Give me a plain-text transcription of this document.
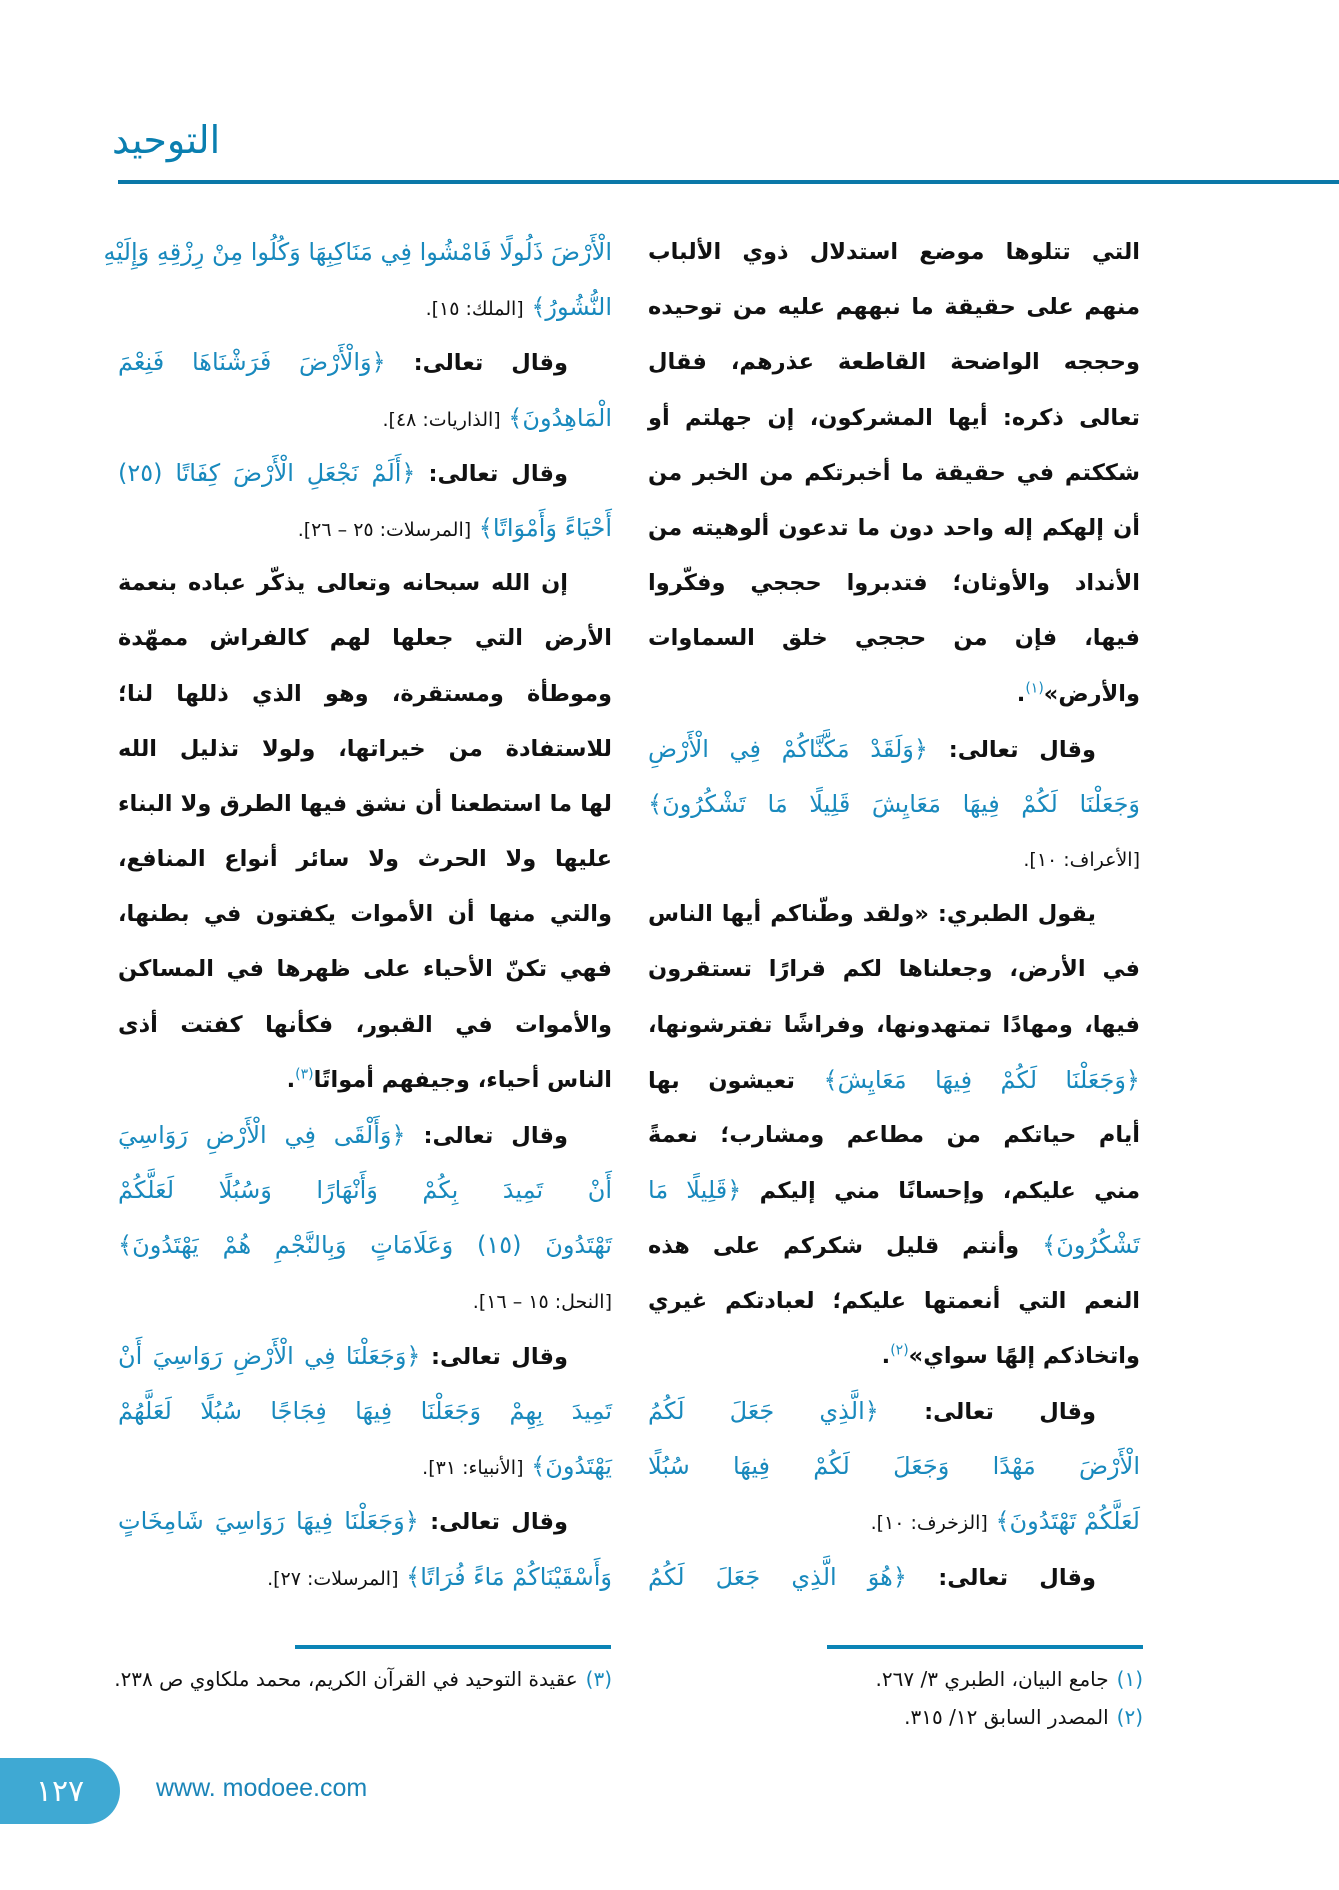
التوحيد
التي تتلوها موضع استدلال ذوي الألباب
منهم على حقيقة ما نبههم عليه من توحيده
وحججه الواضحة القاطعة عذرهم، فقال
تعالى ذكره: أيها المشركون، إن جهلتم أو
شككتم في حقيقة ما أخبرتكم من الخبر من
أن إلهكم إله واحد دون ما تدعون ألوهيته من
الأنداد والأوثان؛ فتدبروا حججي وفكّروا
فيها، فإن من حججي خلق السماوات
والأرض»$^{(١)}$.
وقال تعالى: ﴿وَلَقَدْ مَكَّنَّاكُمْ فِي الْأَرْضِ
وَجَعَلْنَا لَكُمْ فِيهَا مَعَايِشَ قَلِيلًا مَا تَشْكُرُونَ﴾
[الأعراف: ١٠].
يقول الطبري: «ولقد وطّناكم أيها الناس
في الأرض، وجعلناها لكم قرارًا تستقرون
فيها، ومهادًا تمتهدونها، وفراشًا تفترشونها،
﴿وَجَعَلْنَا لَكُمْ فِيهَا مَعَايِشَ﴾ تعيشون بها
أيام حياتكم من مطاعم ومشارب؛ نعمةً
مني عليكم، وإحسانًا مني إليكم ﴿قَلِيلًا مَا
تَشْكُرُونَ﴾ وأنتم قليل شكركم على هذه
النعم التي أنعمتها عليكم؛ لعبادتكم غيري
واتخاذكم إلهًا سواي»$^{(٢)}$.
وقال تعالى: ﴿الَّذِي جَعَلَ لَكُمُ
الْأَرْضَ مَهْدًا وَجَعَلَ لَكُمْ فِيهَا سُبُلًا
لَعَلَّكُمْ تَهْتَدُونَ﴾ [الزخرف: ١٠].
وقال تعالى: ﴿هُوَ الَّذِي جَعَلَ لَكُمُ
الْأَرْضَ ذَلُولًا فَامْشُوا فِي مَنَاكِبِهَا وَكُلُوا مِنْ رِزْقِهِ وَإِلَيْهِ
النُّشُورُ﴾ [الملك: ١٥].
وقال تعالى: ﴿وَالْأَرْضَ فَرَشْنَاهَا فَنِعْمَ
الْمَاهِدُونَ﴾ [الذاريات: ٤٨].
وقال تعالى: ﴿أَلَمْ نَجْعَلِ الْأَرْضَ كِفَاتًا (٢٥)
أَحْيَاءً وَأَمْوَاتًا﴾ [المرسلات: ٢٥ – ٢٦].
إن الله سبحانه وتعالى يذكّر عباده بنعمة
الأرض التي جعلها لهم كالفراش ممهّدة
وموطأة ومستقرة، وهو الذي ذللها لنا؛
للاستفادة من خيراتها، ولولا تذليل الله
لها ما استطعنا أن نشق فيها الطرق ولا البناء
عليها ولا الحرث ولا سائر أنواع المنافع،
والتي منها أن الأموات يكفتون في بطنها،
فهي تكنّ الأحياء على ظهرها في المساكن
والأموات في القبور، فكأنها كفتت أذى
الناس أحياء، وجيفهم أمواتًا$^{(٣)}$.
وقال تعالى: ﴿وَأَلْقَى فِي الْأَرْضِ رَوَاسِيَ
أَنْ تَمِيدَ بِكُمْ وَأَنْهَارًا وَسُبُلًا لَعَلَّكُمْ
تَهْتَدُونَ (١٥) وَعَلَامَاتٍ وَبِالنَّجْمِ هُمْ يَهْتَدُونَ﴾
[النحل: ١٥ – ١٦].
وقال تعالى: ﴿وَجَعَلْنَا فِي الْأَرْضِ رَوَاسِيَ أَنْ
تَمِيدَ بِهِمْ وَجَعَلْنَا فِيهَا فِجَاجًا سُبُلًا لَعَلَّهُمْ
يَهْتَدُونَ﴾ [الأنبياء: ٣١].
وقال تعالى: ﴿وَجَعَلْنَا فِيهَا رَوَاسِيَ شَامِخَاتٍ
وَأَسْقَيْنَاكُمْ مَاءً فُرَاتًا﴾ [المرسلات: ٢٧].
(١)جامع البيان، الطبري ٣/ ٢٦٧.
(٢)المصدر السابق ١٢/ ٣١٥.
(٣)عقيدة التوحيد في القرآن الكريم، محمد ملكاوي ص ٢٣٨.
١٢٧	www. modoee.com
